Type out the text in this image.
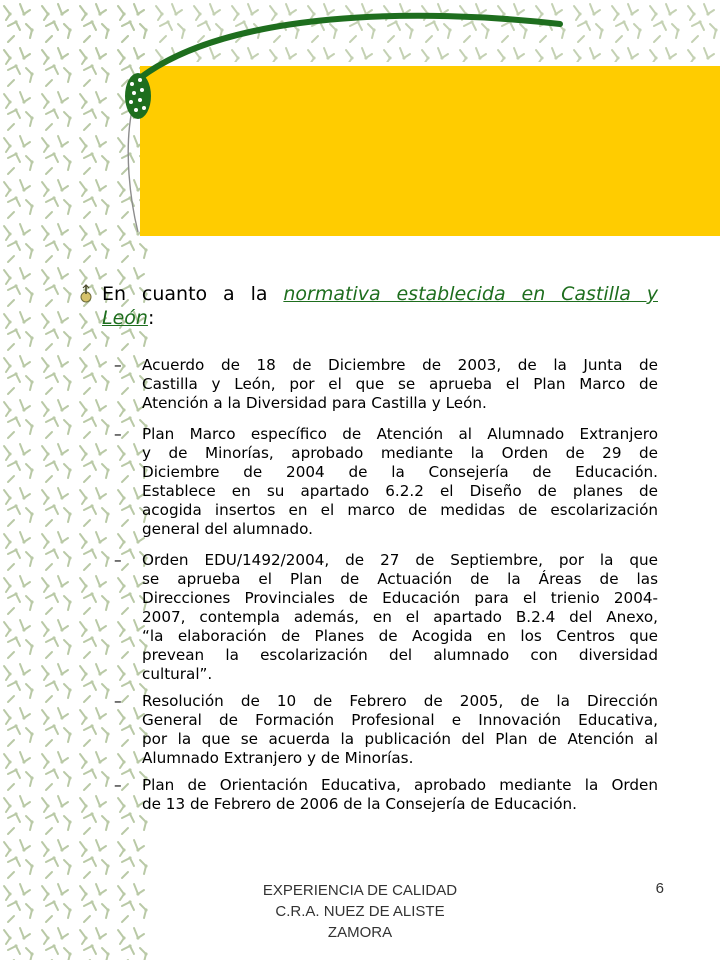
En cuanto a la normativa establecida en Castilla y
León:
–	Acuerdo de 18 de Diciembre de 2003, de la Junta de
Castilla y León, por el que se aprueba el Plan Marco de
Atención a la Diversidad para Castilla y León.
–	Plan Marco específico de Atención al Alumnado Extranjero
y de Minorías, aprobado mediante la Orden de 29 de
Diciembre de 2004 de la Consejería de Educación.
Establece en su apartado 6.2.2 el Diseño de planes de
acogida insertos en el marco de medidas de escolarización
general del alumnado.
–	Orden EDU/1492/2004, de 27 de Septiembre, por la que
se aprueba el Plan de Actuación de la Áreas de las
Direcciones Provinciales de Educación para el trienio 2004-
2007, contempla además, en el apartado B.2.4 del Anexo,
“la elaboración de Planes de Acogida en los Centros que
prevean la escolarización del alumnado con diversidad
cultural”.
–	Resolución de 10 de Febrero de 2005, de la Dirección
General de Formación Profesional e Innovación Educativa,
por la que se acuerda la publicación del Plan de Atención al
Alumnado Extranjero y de Minorías.
–	Plan de Orientación Educativa, aprobado mediante la Orden
de 13 de Febrero de 2006 de la Consejería de Educación.
EXPERIENCIA DE CALIDAD
C.R.A. NUEZ DE ALISTE
ZAMORA
6
